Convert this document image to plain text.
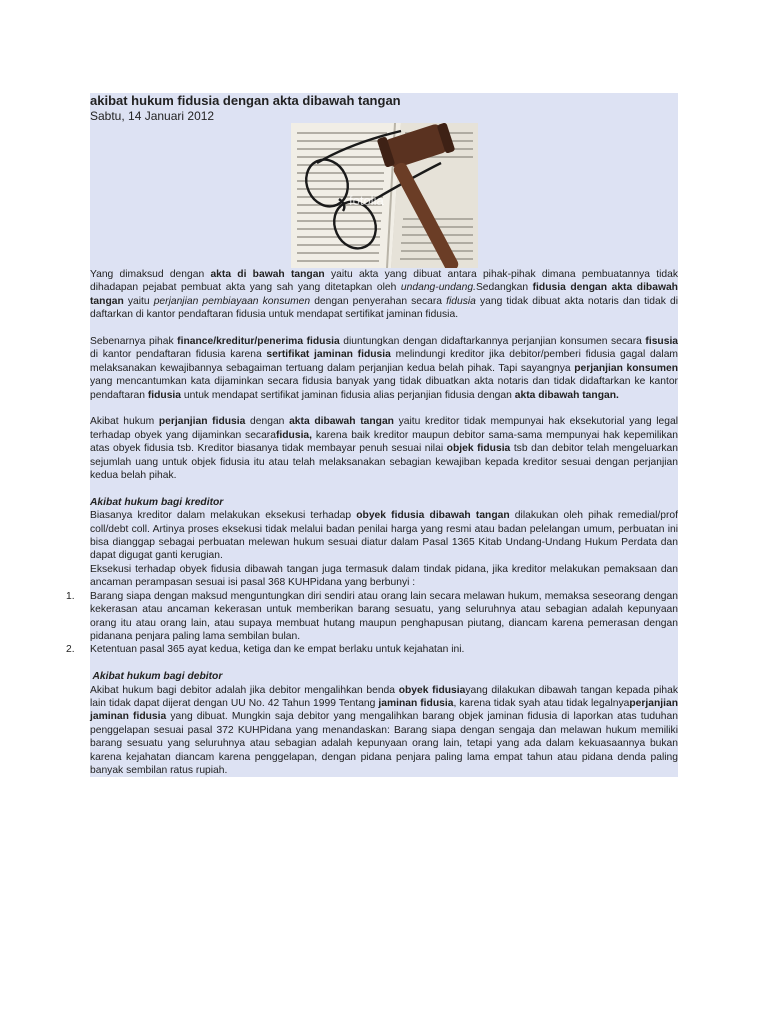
akibat hukum fidusia dengan akta dibawah tangan
Sabtu, 14 Januari 2012
fotolia

Yang dimaksud dengan akta di bawah tangan yaitu akta yang dibuat antara pihak-pihak dimana pembuatannya tidak dihadapan pejabat pembuat akta yang sah yang ditetapkan oleh undang-undang.Sedangkan fidusia dengan akta dibawah tangan yaitu perjanjian pembiayaan konsumen dengan penyerahan secara fidusia yang tidak dibuat akta notaris dan tidak di daftarkan di kantor pendaftaran fidusia untuk mendapat sertifikat jaminan fidusia.

Sebenarnya pihak finance/kreditur/penerima fidusia diuntungkan dengan didaftarkannya perjanjian konsumen secara fisusia di kantor pendaftaran fidusia karena sertifikat jaminan fidusia melindungi kreditor jika debitor/pemberi fidusia gagal dalam melaksanakan kewajibannya sebagaiman tertuang dalam perjanjian kedua belah pihak. Tapi sayangnya perjanjian konsumen yang mencantumkan kata dijaminkan secara fidusia banyak yang tidak dibuatkan akta notaris dan tidak didaftarkan ke kantor pendaftaran fidusia untuk mendapat sertifikat jaminan fidusia alias perjanjian fidusia dengan akta dibawah tangan.

Akibat hukum perjanjian fidusia dengan akta dibawah tangan yaitu kreditor tidak mempunyai hak eksekutorial yang legal terhadap obyek yang dijaminkan secarafidusia, karena baik kreditor maupun debitor sama-sama mempunyai hak kepemilikan atas obyek fidusia tsb. Kreditor biasanya tidak membayar penuh sesuai nilai objek fidusia tsb dan debitor telah mengeluarkan sejumlah uang untuk objek fidusia itu atau telah melaksanakan sebagian kewajiban kepada kreditor sesuai dengan perjanjian kedua belah pihak.

Akibat hukum bagi kreditor

Biasanya kreditor dalam melakukan eksekusi terhadap obyek fidusia dibawah tangan dilakukan oleh pihak remedial/prof coll/debt coll. Artinya proses eksekusi tidak melalui badan penilai harga yang resmi atau badan pelelangan umum, perbuatan ini bisa dianggap sebagai perbuatan melewan hukum sesuai diatur dalam Pasal 1365 Kitab Undang-Undang Hukum Perdata dan dapat digugat ganti kerugian.

Eksekusi terhadap obyek fidusia dibawah tangan juga termasuk dalam tindak pidana, jika kreditor melakukan pemaksaan dan ancaman perampasan sesuai isi pasal 368 KUHPidana yang berbunyi :

1. Barang siapa dengan maksud menguntungkan diri sendiri atau orang lain secara melawan hukum, memaksa seseorang dengan kekerasan atau ancaman kekerasan untuk memberikan barang sesuatu, yang seluruhnya atau sebagian adalah kepunyaan orang itu atau orang lain, atau supaya membuat hutang maupun penghapusan piutang, diancam karena pemerasan dengan pidanana penjara paling lama sembilan bulan.

2. Ketentuan pasal 365 ayat kedua, ketiga dan ke empat berlaku untuk kejahatan ini.

Akibat hukum bagi debitor

Akibat hukum bagi debitor adalah jika debitor mengalihkan benda obyek fidusiayang dilakukan dibawah tangan kepada pihak lain tidak dapat dijerat dengan UU No. 42 Tahun 1999 Tentang jaminan fidusia, karena tidak syah atau tidak legalnyaperjanjian jaminan fidusia yang dibuat. Mungkin saja debitor yang mengalihkan barang objek jaminan fidusia di laporkan atas tuduhan penggelapan sesuai pasal 372 KUHPidana yang menandaskan: Barang siapa dengan sengaja dan melawan hukum memiliki barang sesuatu yang seluruhnya atau sebagian adalah kepunyaan orang lain, tetapi yang ada dalam kekuasaannya bukan karena kejahatan diancam karena penggelapan, dengan pidana penjara paling lama empat tahun atau pidana denda paling banyak sembilan ratus rupiah.
